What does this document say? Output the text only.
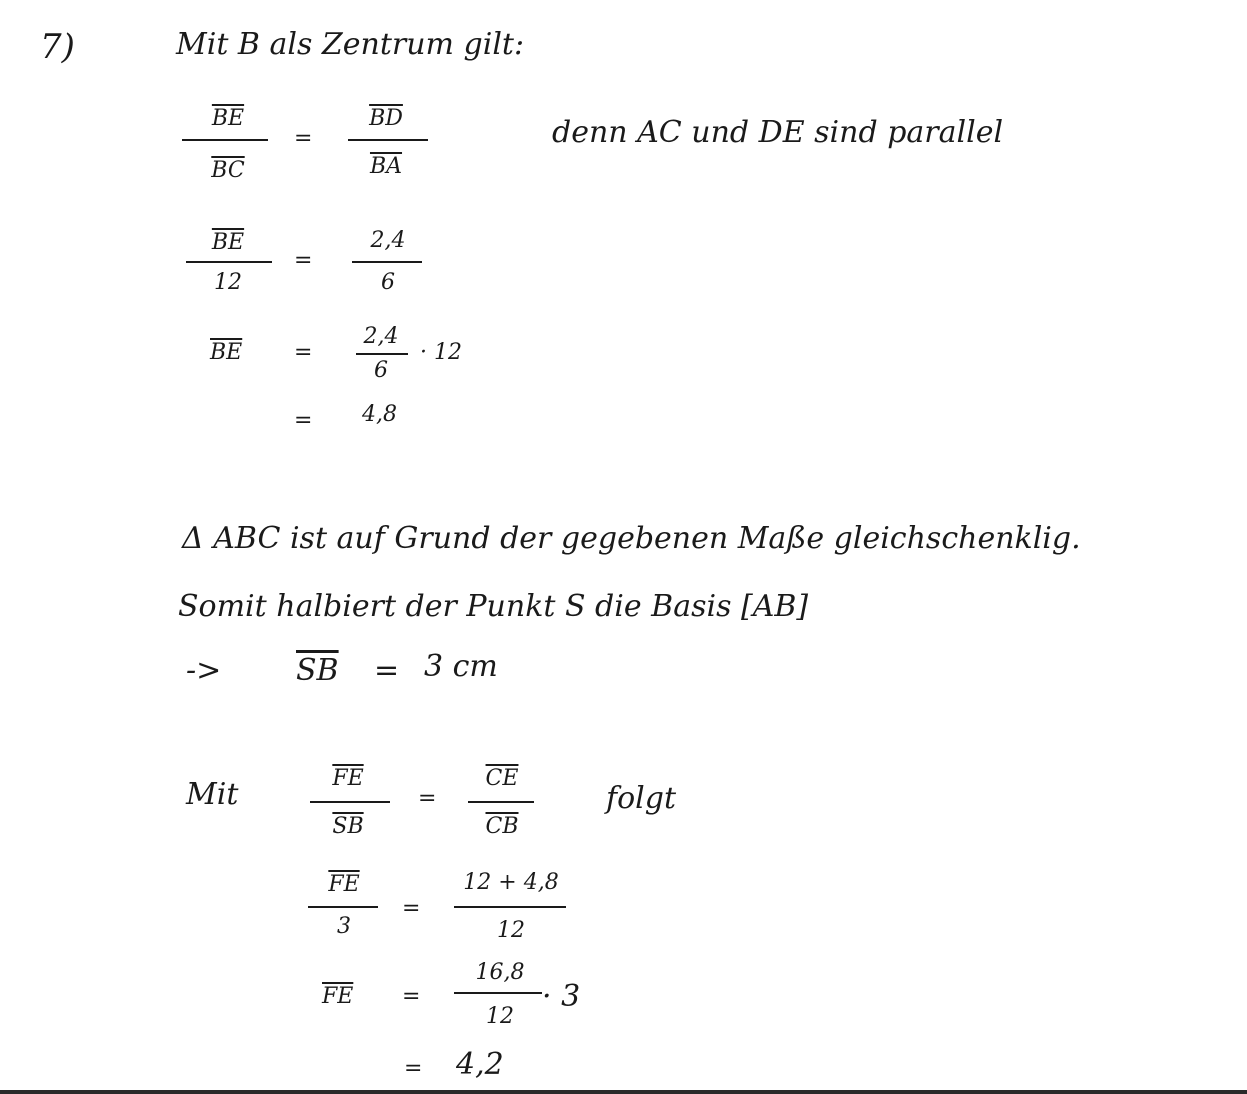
7)	Mit B als Zentrum gilt:
$\overline{BE}$
$\overline{BC}$
=
$\overline{BD}$
$\overline{BA}$
denn AC und DE sind parallel
$\overline{BE}$
12
=
2,4
6
$\overline{BE}$ =
2,4
6
· 12
= 4,8
Δ ABC ist auf Grund der gegebenen Maße gleichschenklig.
Somit halbiert der Punkt S die Basis [AB]
-> $\overline{SB} = 3$ cm
Mit	$\overline{FE}$
$\overline{SB}$
=
$\overline{CE}$
$\overline{CB}$
folgt
$\overline{FE}$
3
=
12 + 4,8
12
$\overline{FE}$ =
16,8
12
· 3
= 4,2
